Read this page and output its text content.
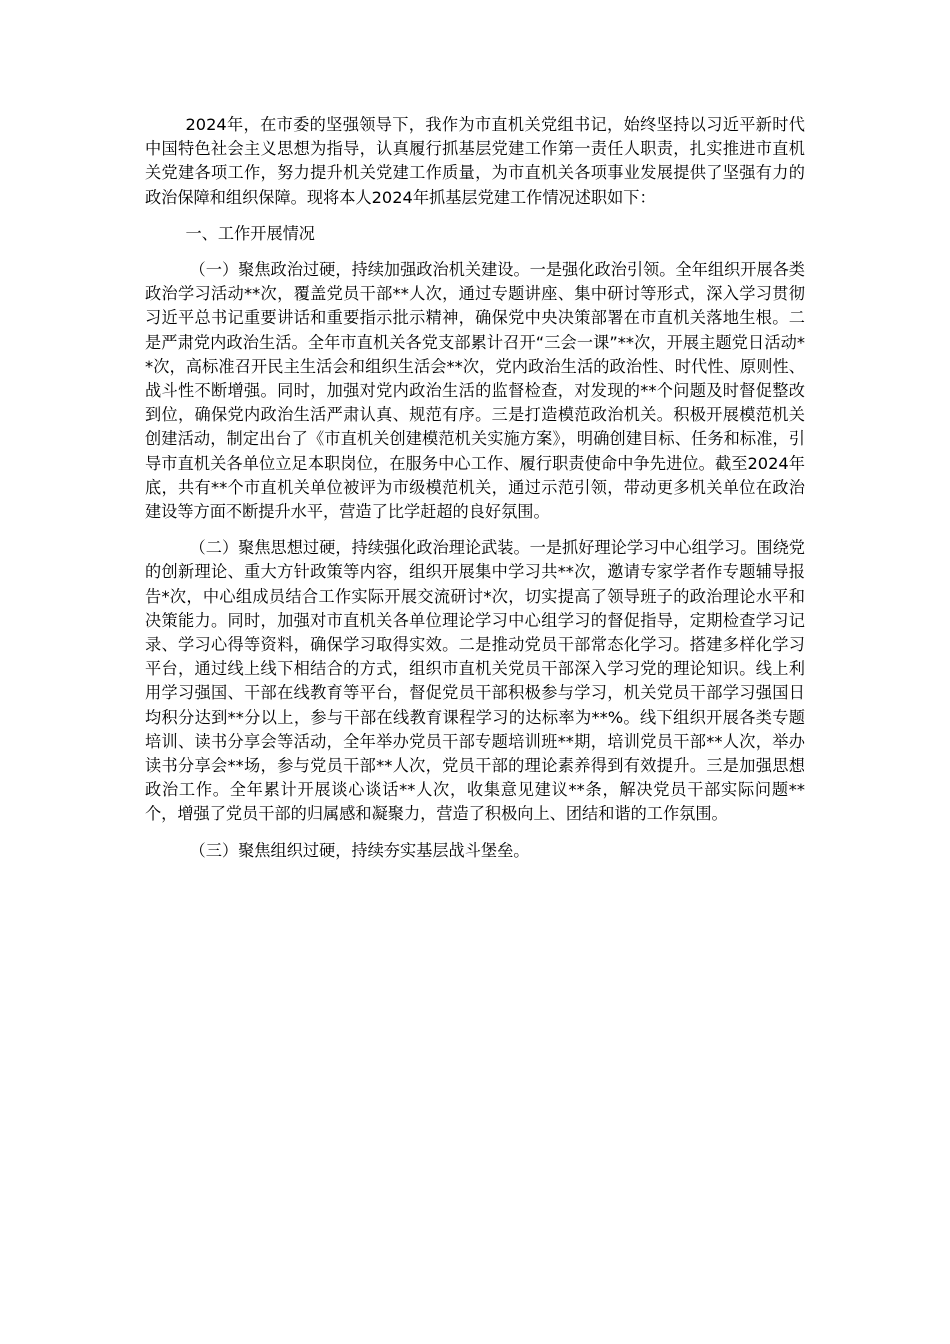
2024年，在市委的坚强领导下，我作为市直机关党组书记，始终坚持以习近平新时代中国特色社会主义思想为指导，认真履行抓基层党建工作第一责任人职责，扎实推进市直机关党建各项工作，努力提升机关党建工作质量，为市直机关各项事业发展提供了坚强有力的政治保障和组织保障。现将本人2024年抓基层党建工作情况述职如下：

一、工作开展情况

（一）聚焦政治过硬，持续加强政治机关建设。一是强化政治引领。全年组织开展各类政治学习活动**次，覆盖党员干部**人次，通过专题讲座、集中研讨等形式，深入学习贯彻习近平总书记重要讲话和重要指示批示精神，确保党中央决策部署在市直机关落地生根。二是严肃党内政治生活。全年市直机关各党支部累计召开“三会一课”**次，开展主题党日活动**次，高标准召开民主生活会和组织生活会**次，党内政治生活的政治性、时代性、原则性、战斗性不断增强。同时，加强对党内政治生活的监督检查，对发现的**个问题及时督促整改到位，确保党内政治生活严肃认真、规范有序。三是打造模范政治机关。积极开展模范机关创建活动，制定出台了《市直机关创建模范机关实施方案》，明确创建目标、任务和标准，引导市直机关各单位立足本职岗位，在服务中心工作、履行职责使命中争先进位。截至2024年底，共有**个市直机关单位被评为市级模范机关，通过示范引领，带动更多机关单位在政治建设等方面不断提升水平，营造了比学赶超的良好氛围。

（二）聚焦思想过硬，持续强化政治理论武装。一是抓好理论学习中心组学习。围绕党的创新理论、重大方针政策等内容，组织开展集中学习共**次，邀请专家学者作专题辅导报告*次，中心组成员结合工作实际开展交流研讨*次，切实提高了领导班子的政治理论水平和决策能力。同时，加强对市直机关各单位理论学习中心组学习的督促指导，定期检查学习记录、学习心得等资料，确保学习取得实效。二是推动党员干部常态化学习。搭建多样化学习平台，通过线上线下相结合的方式，组织市直机关党员干部深入学习党的理论知识。线上利用学习强国、干部在线教育等平台，督促党员干部积极参与学习，机关党员干部学习强国日均积分达到**分以上，参与干部在线教育课程学习的达标率为**%。线下组织开展各类专题培训、读书分享会等活动，全年举办党员干部专题培训班**期，培训党员干部**人次，举办读书分享会**场，参与党员干部**人次，党员干部的理论素养得到有效提升。三是加强思想政治工作。全年累计开展谈心谈话**人次，收集意见建议**条，解决党员干部实际问题**个，增强了党员干部的归属感和凝聚力，营造了积极向上、团结和谐的工作氛围。

（三）聚焦组织过硬，持续夯实基层战斗堡垒。
